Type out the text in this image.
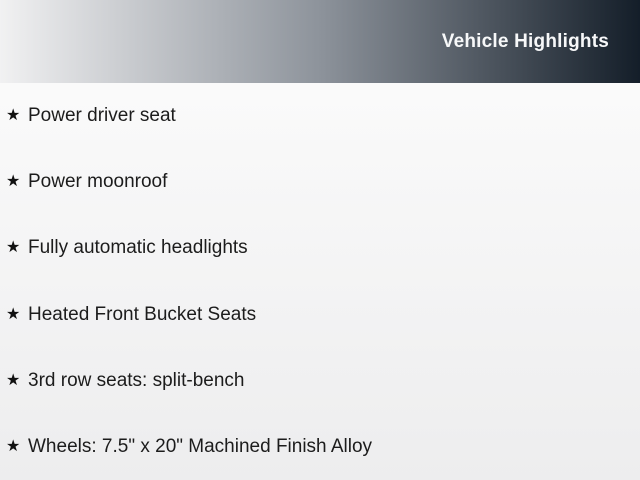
Vehicle Highlights
★ Power driver seat
★ Power moonroof
★ Fully automatic headlights
★ Heated Front Bucket Seats
★ 3rd row seats: split-bench
★ Wheels: 7.5" x 20" Machined Finish Alloy
